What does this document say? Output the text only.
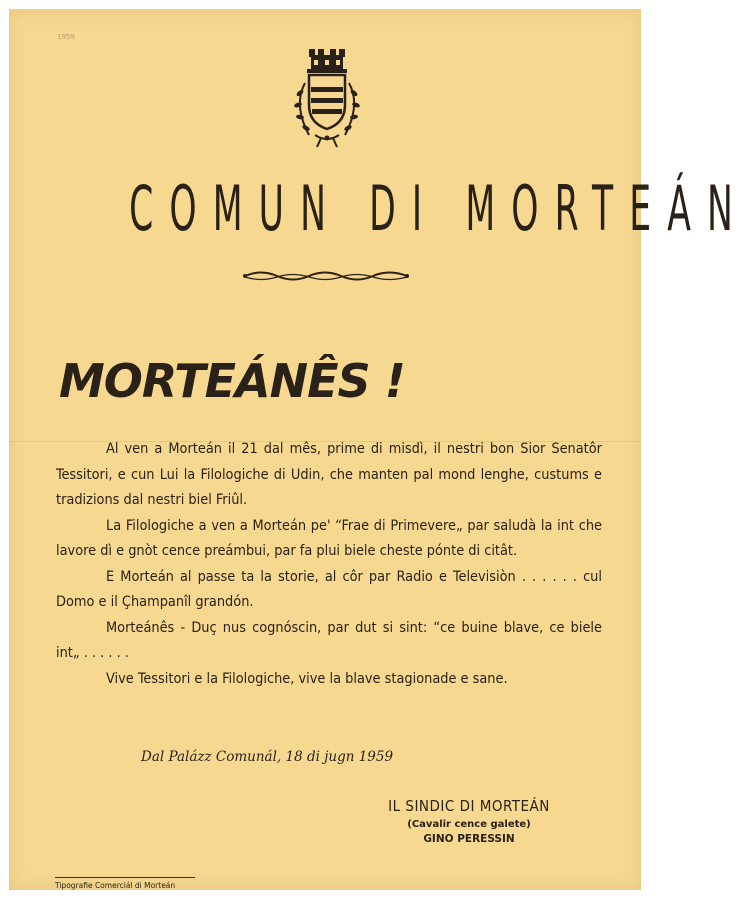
1959
COMUN DI MORTEÁN
MORTEÁNÊS !

Al ven a Morteán il 21 dal mês, prime di misdì, il nestri bon Sior Senatôr Tessitori, e cun Lui la Filologiche di Udin, che manten pal mond lenghe, custums e tradizions dal nestri biel Friûl.

La Filologiche a ven a Morteán pe' “Frae di Primevere„ par saludà la int che lavore dì e gnòt cence preámbui, par fa plui biele cheste pónte di citât.

E Morteán al passe ta la storie, al côr par Radio e Televisiòn . . . . . . cul Domo e il Çhampanîl grandón.

Morteánês - Duç nus cognóscin, par dut si sint: “ce buine blave, ce biele int„ . . . . . .

Vive Tessitori e la Filologiche, vive la blave stagionade e sane.

Dal Palázz Comunál, 18 di jugn 1959
IL SINDIC DI MORTEÁN
(Cavalir cence galete)
GINO PERESSIN
Tipografie Comerciál di Morteán
